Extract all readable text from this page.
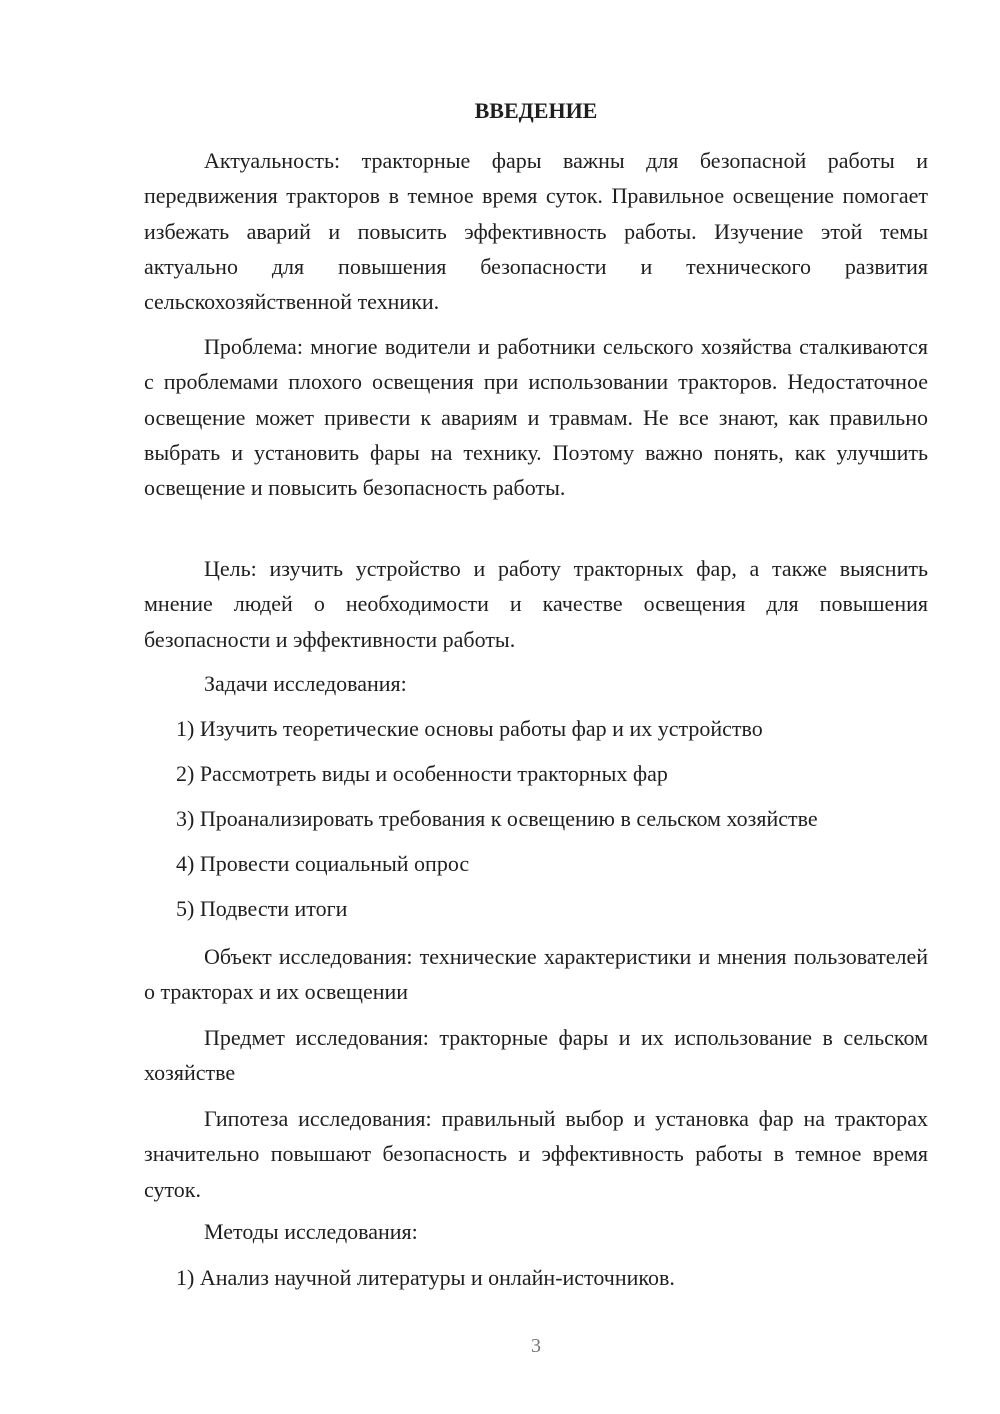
ВВЕДЕНИЕ

Актуальность: тракторные фары важны для безопасной работы и передвижения тракторов в темное время суток. Правильное освещение помогает избежать аварий и повысить эффективность работы. Изучение этой темы актуально для повышения безопасности и технического развития сельскохозяйственной техники.

Проблема: многие водители и работники сельского хозяйства сталкиваются с проблемами плохого освещения при использовании тракторов. Недостаточное освещение может привести к авариям и травмам. Не все знают, как правильно выбрать и установить фары на технику. Поэтому важно понять, как улучшить освещение и повысить безопасность работы.

Цель: изучить устройство и работу тракторных фар, а также выяснить мнение людей о необходимости и качестве освещения для повышения безопасности и эффективности работы.

Задачи исследования:

1) Изучить теоретические основы работы фар и их устройство

2) Рассмотреть виды и особенности тракторных фар

3) Проанализировать требования к освещению в сельском хозяйстве

4) Провести социальный опрос

5) Подвести итоги

Объект исследования: технические характеристики и мнения пользователей о тракторах и их освещении

Предмет исследования: тракторные фары и их использование в сельском хозяйстве

Гипотеза исследования: правильный выбор и установка фар на тракторах значительно повышают безопасность и эффективность работы в темное время суток.

Методы исследования:

1) Анализ научной литературы и онлайн-источников.

3
